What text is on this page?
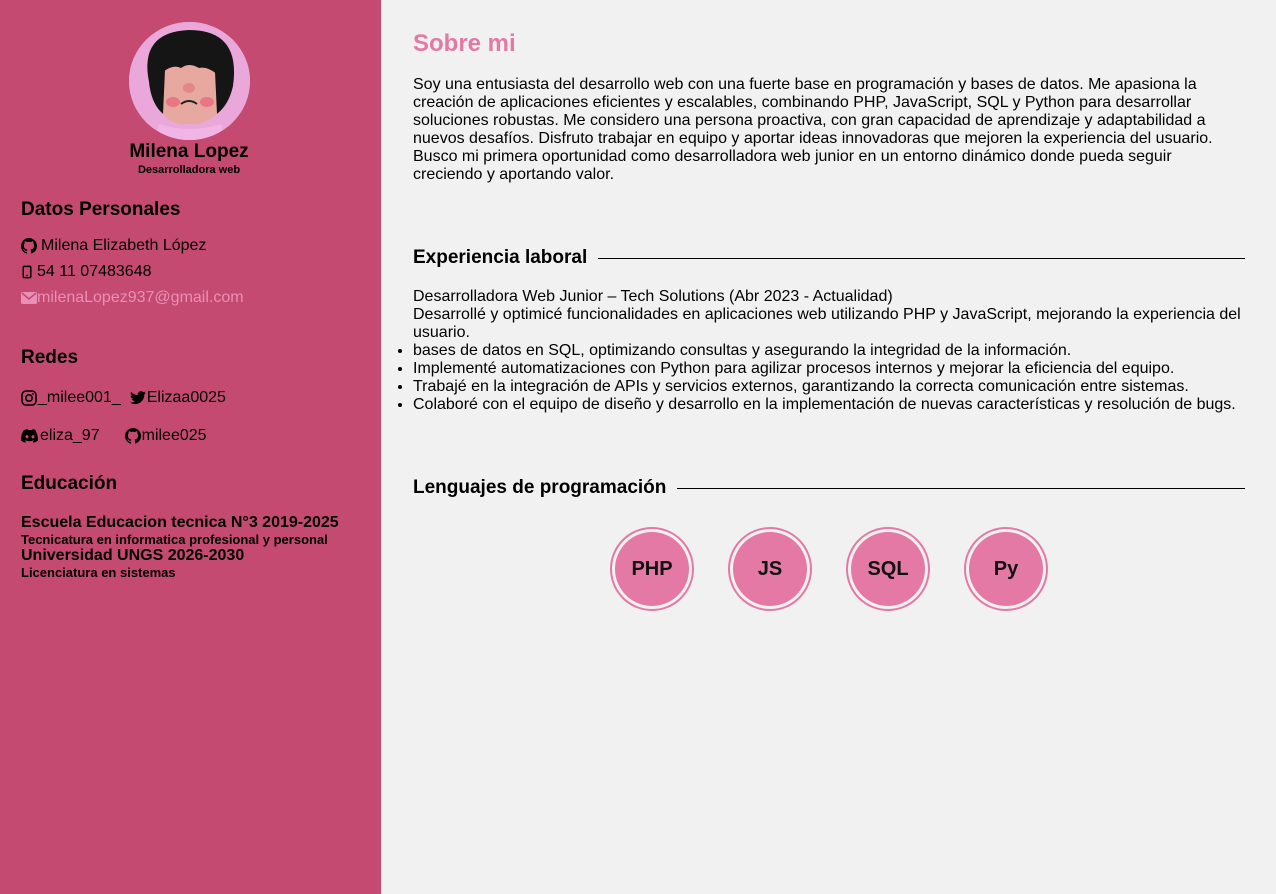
Milena Lopez
Desarrolladora web
Datos Personales
Milena Elizabeth López
54 11 07483648
milenaLopez937@gmail.com
Redes
_milee001_ Elizaa0025
eliza_97	milee025
Educación
Escuela Educacion tecnica N°3 2019-2025
Tecnicatura en informatica profesional y personal
Universidad UNGS 2026-2030
Licenciatura en sistemas
Sobre mi

Soy una entusiasta del desarrollo web con una fuerte base en programación y bases de datos. Me apasiona la creación de aplicaciones eficientes y escalables, combinando PHP, JavaScript, SQL y Python para desarrollar soluciones robustas. Me considero una persona proactiva, con gran capacidad de aprendizaje y adaptabilidad a nuevos desafíos. Disfruto trabajar en equipo y aportar ideas innovadoras que mejoren la experiencia del usuario. Busco mi primera oportunidad como desarrolladora web junior en un entorno dinámico donde pueda seguir creciendo y aportando valor.

Experiencia laboral
Desarrolladora Web Junior – Tech Solutions (Abr 2023 - Actualidad)
Desarrollé y optimicé funcionalidades en aplicaciones web utilizando PHP y JavaScript, mejorando la experiencia del usuario.
• bases de datos en SQL, optimizando consultas y asegurando la integridad de la información.
• Implementé automatizaciones con Python para agilizar procesos internos y mejorar la eficiencia del equipo.
• Trabajé en la integración de APIs y servicios externos, garantizando la correcta comunicación entre sistemas.
• Colaboré con el equipo de diseño y desarrollo en la implementación de nuevas características y resolución de bugs.
Lenguajes de programación
PHP	JS	SQL	Py
